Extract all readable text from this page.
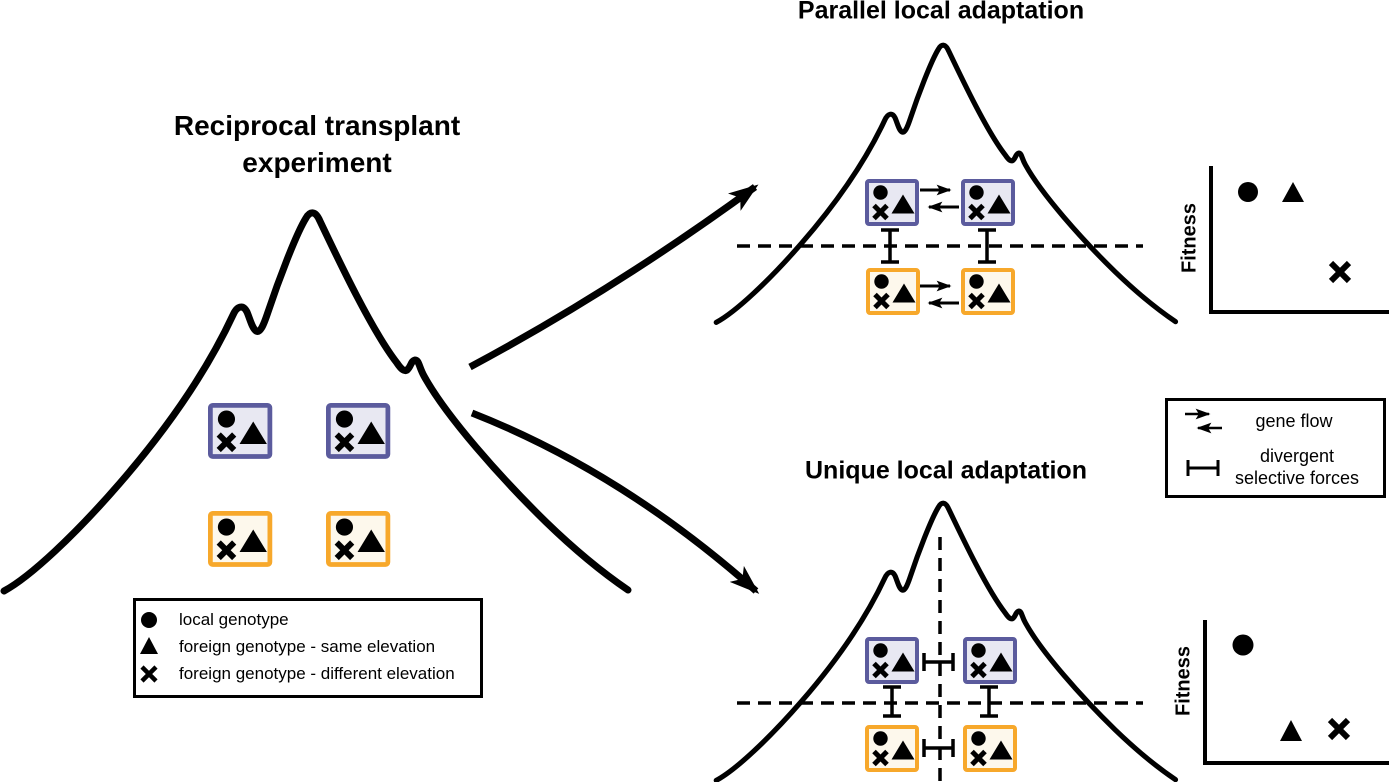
Reciprocal transplant
experiment
Parallel local adaptation
Unique local adaptation
Fitness
Fitness
local genotype
foreign genotype - same elevation
foreign genotype - different elevation
gene flow
divergent
selective forces
